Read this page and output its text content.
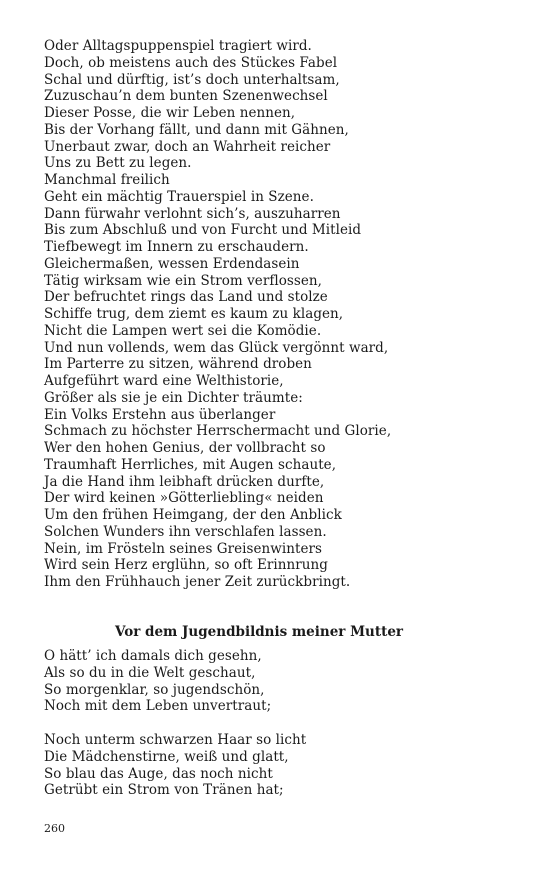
Oder Alltagspuppenspiel tragiert wird.
Doch, ob meistens auch des Stückes Fabel
Schal und dürftig, ist’s doch unterhaltsam,
Zuzuschau’n dem bunten Szenenwechsel
Dieser Posse, die wir Leben nennen,
Bis der Vorhang fällt, und dann mit Gähnen,
Unerbaut zwar, doch an Wahrheit reicher
Uns zu Bett zu legen.
Manchmal freilich
Geht ein mächtig Trauerspiel in Szene.
Dann fürwahr verlohnt sich’s, auszuharren
Bis zum Abschluß und von Furcht und Mitleid
Tiefbewegt im Innern zu erschaudern.
Gleichermaßen, wessen Erdendasein
Tätig wirksam wie ein Strom verflossen,
Der befruchtet rings das Land und stolze
Schiffe trug, dem ziemt es kaum zu klagen,
Nicht die Lampen wert sei die Komödie.
Und nun vollends, wem das Glück vergönnt ward,
Im Parterre zu sitzen, während droben
Aufgeführt ward eine Welthistorie,
Größer als sie je ein Dichter träumte:
Ein Volks Erstehn aus überlanger
Schmach zu höchster Herrschermacht und Glorie,
Wer den hohen Genius, der vollbracht so
Traumhaft Herrliches, mit Augen schaute,
Ja die Hand ihm leibhaft drücken durfte,
Der wird keinen »Götterliebling« neiden
Um den frühen Heimgang, der den Anblick
Solchen Wunders ihn verschlafen lassen.
Nein, im Frösteln seines Greisenwinters
Wird sein Herz erglühn, so oft Erinnrung
Ihm den Frühhauch jener Zeit zurückbringt.
Vor dem Jugendbildnis meiner Mutter
O hätt’ ich damals dich gesehn,
Als so du in die Welt geschaut,
So morgenklar, so jugendschön,
Noch mit dem Leben unvertraut;
Noch unterm schwarzen Haar so licht
Die Mädchenstirne, weiß und glatt,
So blau das Auge, das noch nicht
Getrübt ein Strom von Tränen hat;
260
